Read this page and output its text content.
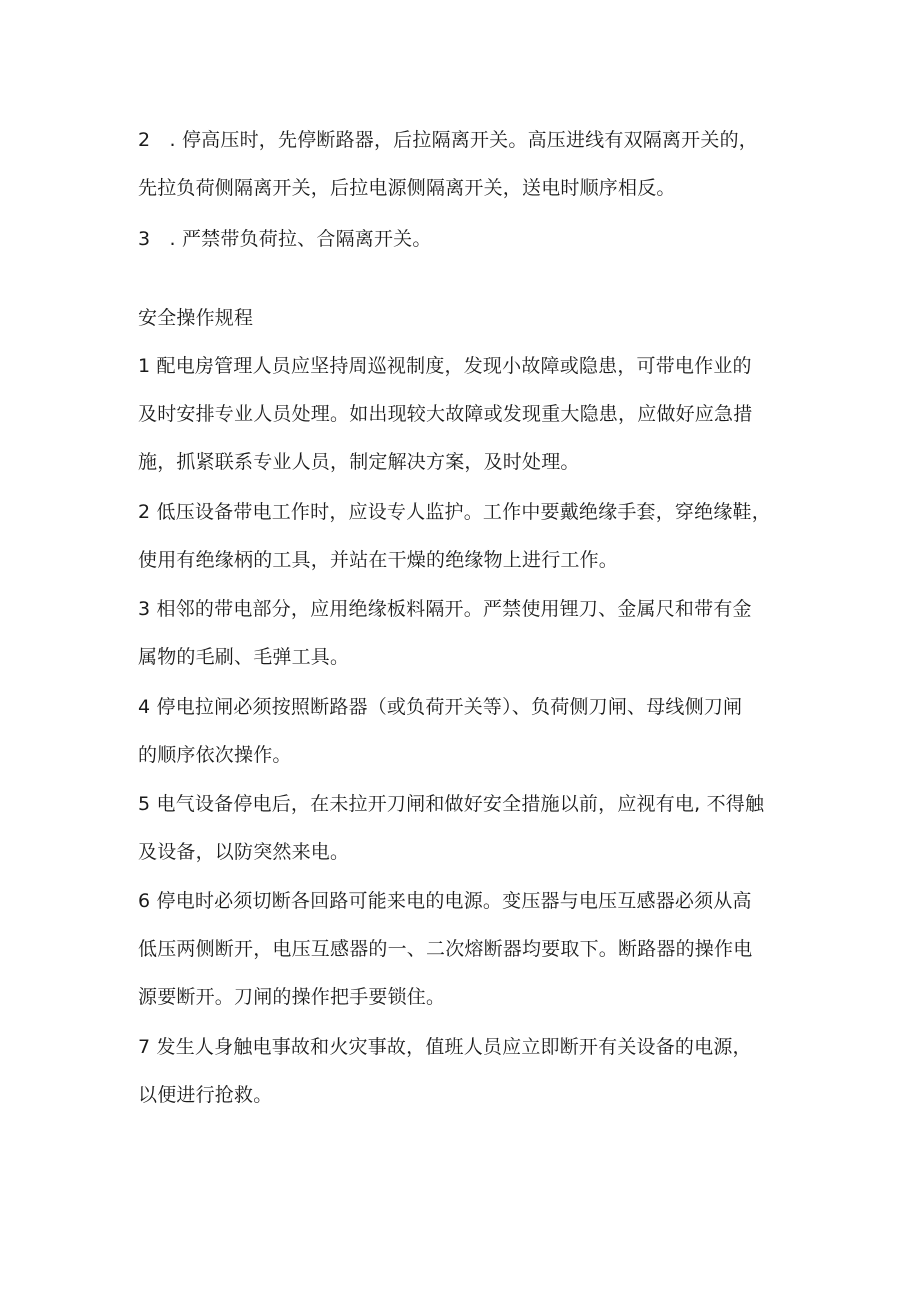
2　. 停高压时，先停断路器，后拉隔离开关。高压进线有双隔离开关的，
先拉负荷侧隔离开关，后拉电源侧隔离开关，送电时顺序相反。

3　. 严禁带负荷拉、合隔离开关。

安全操作规程

1 配电房管理人员应坚持周巡视制度，发现小故障或隐患，可带电作业的
及时安排专业人员处理。如出现较大故障或发现重大隐患，应做好应急措
施，抓紧联系专业人员，制定解决方案，及时处理。

2 低压设备带电工作时，应设专人监护。工作中要戴绝缘手套，穿绝缘鞋，
使用有绝缘柄的工具，并站在干燥的绝缘物上进行工作。

3 相邻的带电部分，应用绝缘板料隔开。严禁使用锂刀、金属尺和带有金
属物的毛刷、毛弹工具。

4 停电拉闸必须按照断路器（或负荷开关等）、负荷侧刀闸、母线侧刀闸
的顺序依次操作。

5 电气设备停电后，在未拉开刀闸和做好安全措施以前，应视有电, 不得触
及设备，以防突然来电。

6 停电时必须切断各回路可能来电的电源。变压器与电压互感器必须从高
低压两侧断开，电压互感器的一、二次熔断器均要取下。断路器的操作电
源要断开。刀闸的操作把手要锁住。

7 发生人身触电事故和火灾事故，值班人员应立即断开有关设备的电源，
以便进行抢救。
